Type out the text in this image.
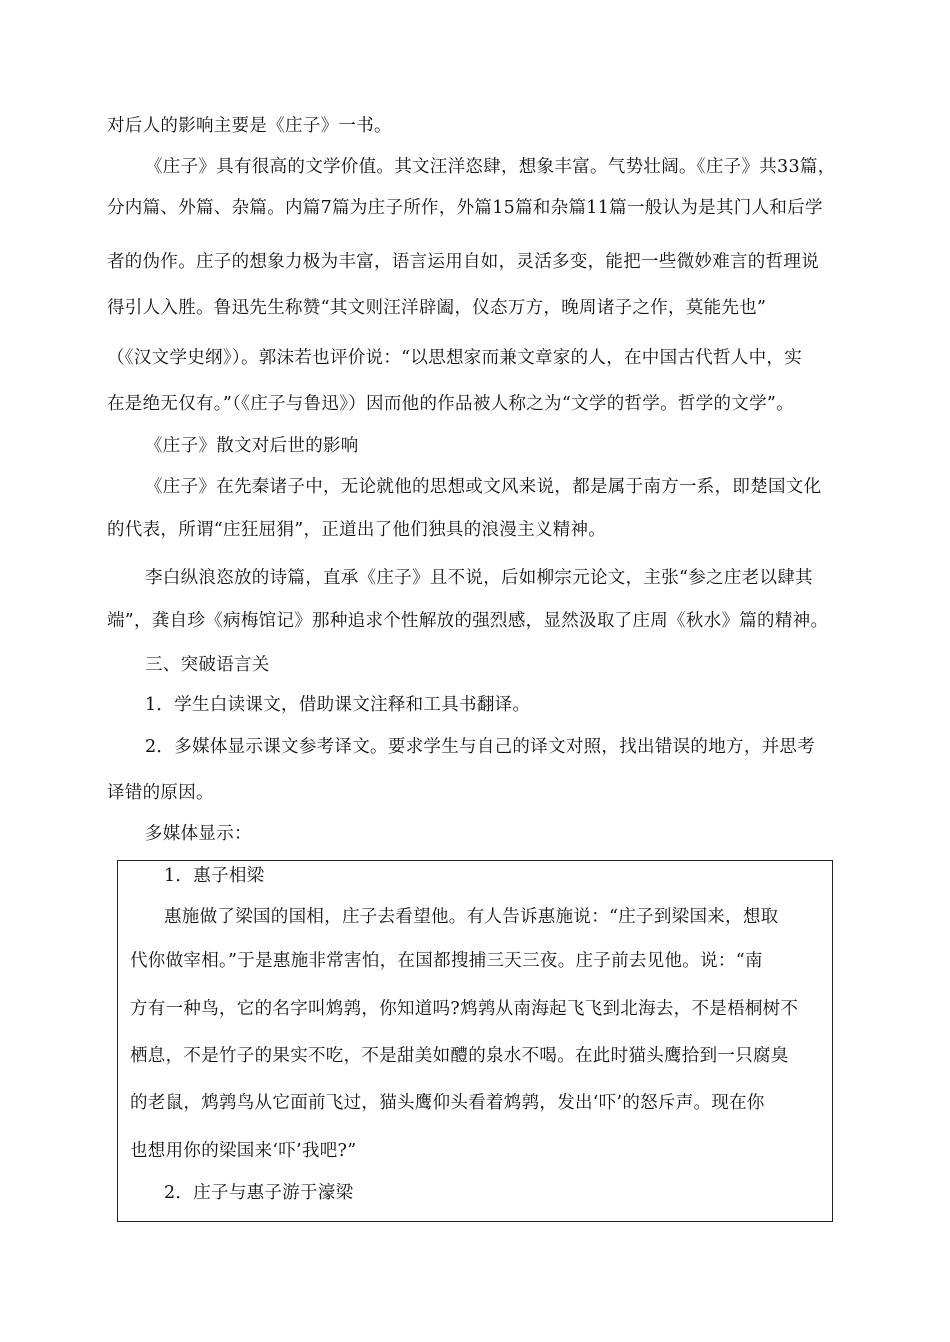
对后人的影响主要是《庄子》一书。
《庄子》具有很高的文学价值。其文汪洋恣肆，想象丰富。气势壮阔。《庄子》共33篇，
分内篇、外篇、杂篇。内篇7篇为庄子所作，外篇15篇和杂篇11篇一般认为是其门人和后学
者的伪作。庄子的想象力极为丰富，语言运用自如，灵活多变，能把一些微妙难言的哲理说
得引人入胜。鲁迅先生称赞“其文则汪洋辟阖，仪态万方，晚周诸子之作，莫能先也”
（《汉文学史纲》）。郭沫若也评价说：“以思想家而兼文章家的人，在中国古代哲人中，实
在是绝无仅有。”（《庄子与鲁迅》）因而他的作品被人称之为“文学的哲学。哲学的文学”。
《庄子》散文对后世的影响
《庄子》在先秦诸子中，无论就他的思想或文风来说，都是属于南方一系，即楚国文化
的代表，所谓“庄狂屈狷”，正道出了他们独具的浪漫主义精神。
李白纵浪恣放的诗篇，直承《庄子》且不说，后如柳宗元论文，主张“参之庄老以肆其
端”，龚自珍《病梅馆记》那种追求个性解放的强烈感，显然汲取了庄周《秋水》篇的精神。
三、突破语言关
1．学生白读课文，借助课文注释和工具书翻译。
2．多媒体显示课文参考译文。要求学生与自己的译文对照，找出错误的地方，并思考
译错的原因。
多媒体显示：
1．惠子相梁
惠施做了梁国的国相，庄子去看望他。有人告诉惠施说：“庄子到梁国来，想取
代你做宰相。”于是惠施非常害怕，在国都搜捕三天三夜。庄子前去见他。说：“南
方有一种鸟，它的名字叫鸩鹑，你知道吗?鸩鹑从南海起飞飞到北海去，不是梧桐树不
栖息，不是竹子的果实不吃，不是甜美如醴的泉水不喝。在此时猫头鹰拾到一只腐臭
的老鼠，鸩鹑鸟从它面前飞过，猫头鹰仰头看着鸩鹑，发出‘吓’的怒斥声。现在你
也想用你的梁国来‘吓’我吧?”
2．庄子与惠子游于濠梁
